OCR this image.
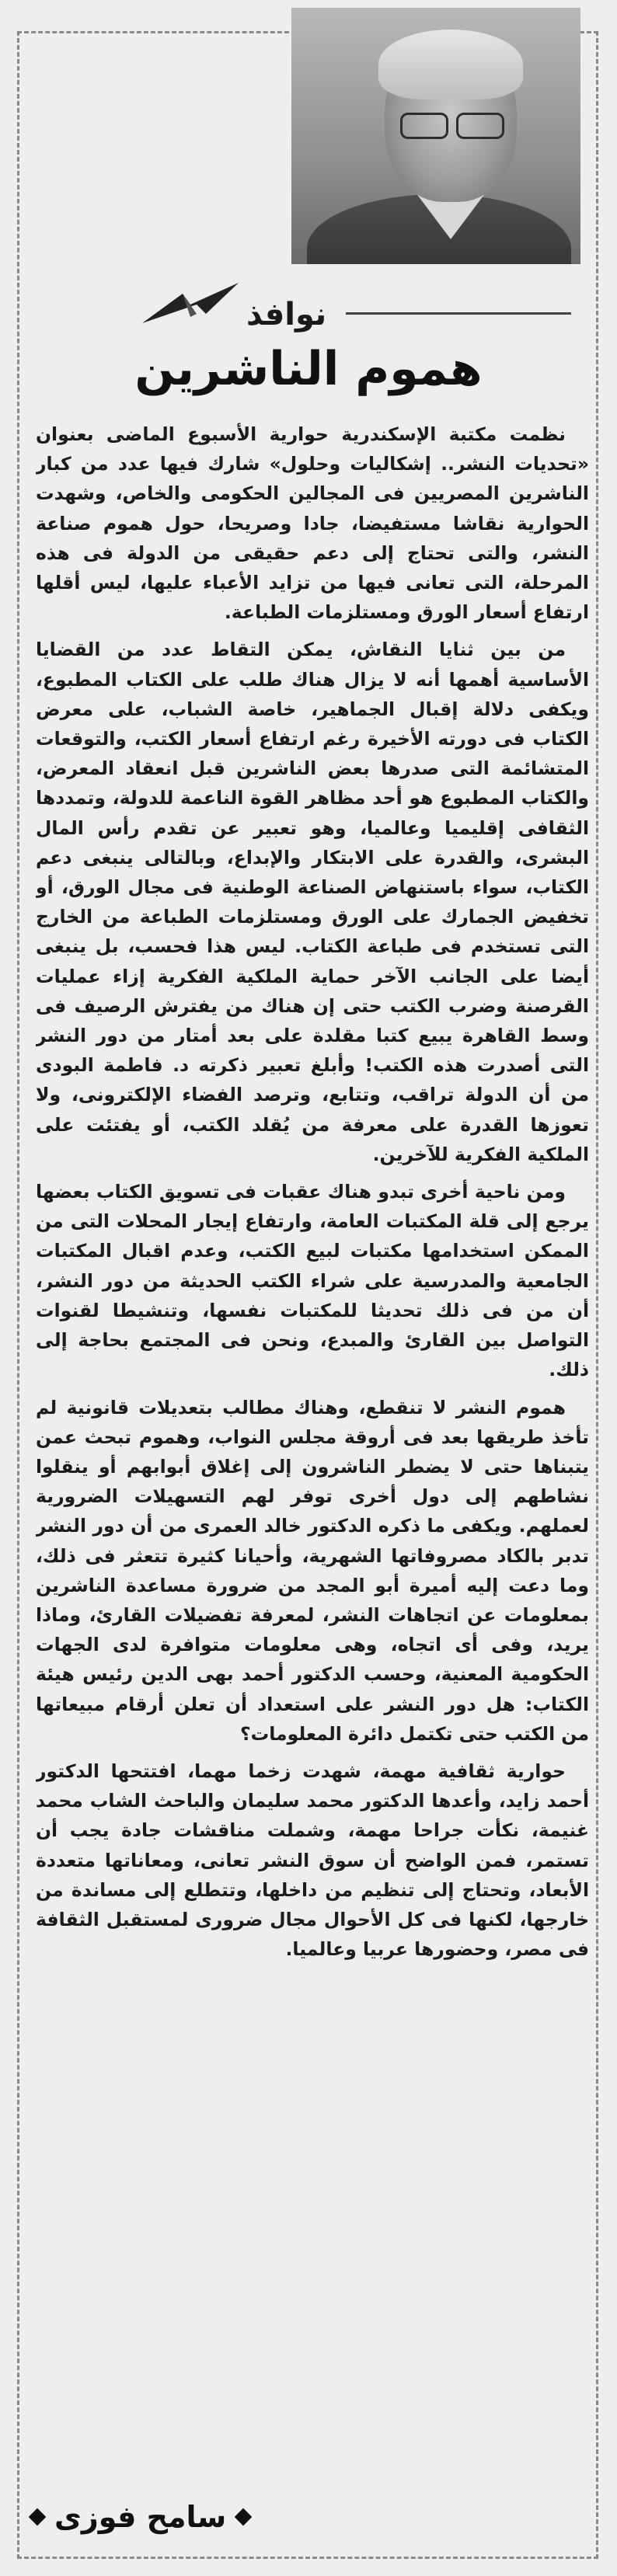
نوافذ
هموم الناشرين

نظمت مكتبة الإسكندرية حوارية الأسبوع الماضى بعنوان «تحديات النشر.. إشكاليات وحلول» شارك فيها عدد من كبار الناشرين المصريين فى المجالين الحكومى والخاص، وشهدت الحوارية نقاشا مستفيضا، جادا وصريحا، حول هموم صناعة النشر، والتى تحتاج إلى دعم حقيقى من الدولة فى هذه المرحلة، التى تعانى فيها من تزايد الأعباء عليها، ليس أقلها ارتفاع أسعار الورق ومستلزمات الطباعة.

من بين ثنايا النقاش، يمكن التقاط عدد من القضايا الأساسية أهمها أنه لا يزال هناك طلب على الكتاب المطبوع، ويكفى دلالة إقبال الجماهير، خاصة الشباب، على معرض الكتاب فى دورته الأخيرة رغم ارتفاع أسعار الكتب، والتوقعات المتشائمة التى صدرها بعض الناشرين قبل انعقاد المعرض، والكتاب المطبوع هو أحد مظاهر القوة الناعمة للدولة، وتمددها الثقافى إقليميا وعالميا، وهو تعبير عن تقدم رأس المال البشرى، والقدرة على الابتكار والإبداع، وبالتالى ينبغى دعم الكتاب، سواء باستنهاض الصناعة الوطنية فى مجال الورق، أو تخفيض الجمارك على الورق ومستلزمات الطباعة من الخارج التى تستخدم فى طباعة الكتاب. ليس هذا فحسب، بل ينبغى أيضا على الجانب الآخر حماية الملكية الفكرية إزاء عمليات القرصنة وضرب الكتب حتى إن هناك من يفترش الرصيف فى وسط القاهرة يبيع كتبا مقلدة على بعد أمتار من دور النشر التى أصدرت هذه الكتب! وأبلغ تعبير ذكرته د. فاطمة البودى من أن الدولة تراقب، وتتابع، وترصد الفضاء الإلكترونى، ولا تعوزها القدرة على معرفة من يُقلد الكتب، أو يفتئت على الملكية الفكرية للآخرين.

ومن ناحية أخرى تبدو هناك عقبات فى تسويق الكتاب بعضها يرجع إلى قلة المكتبات العامة، وارتفاع إيجار المحلات التى من الممكن استخدامها مكتبات لبيع الكتب، وعدم اقبال المكتبات الجامعية والمدرسية على شراء الكتب الحديثة من دور النشر، أن من فى ذلك تحديثا للمكتبات نفسها، وتنشيطا لقنوات التواصل بين القارئ والمبدع، ونحن فى المجتمع بحاجة إلى ذلك.

هموم النشر لا تنقطع، وهناك مطالب بتعديلات قانونية لم تأخذ طريقها بعد فى أروقة مجلس النواب، وهموم تبحث عمن يتبناها حتى لا يضطر الناشرون إلى إغلاق أبوابهم أو ينقلوا نشاطهم إلى دول أخرى توفر لهم التسهيلات الضرورية لعملهم. ويكفى ما ذكره الدكتور خالد العمرى من أن دور النشر تدبر بالكاد مصروفاتها الشهرية، وأحيانا كثيرة تتعثر فى ذلك، وما دعت إليه أميرة أبو المجد من ضرورة مساعدة الناشرين بمعلومات عن اتجاهات النشر، لمعرفة تفضيلات القارئ، وماذا يريد، وفى أى اتجاه، وهى معلومات متوافرة لدى الجهات الحكومية المعنية، وحسب الدكتور أحمد بهى الدين رئيس هيئة الكتاب: هل دور النشر على استعداد أن تعلن أرقام مبيعاتها من الكتب حتى تكتمل دائرة المعلومات؟

حوارية ثقافية مهمة، شهدت زخما مهما، افتتحها الدكتور أحمد زايد، وأعدها الدكتور محمد سليمان والباحث الشاب محمد غنيمة، نكأت جراحا مهمة، وشملت مناقشات جادة يجب أن تستمر، فمن الواضح أن سوق النشر تعانى، ومعاناتها متعددة الأبعاد، وتحتاج إلى تنظيم من داخلها، وتتطلع إلى مساندة من خارجها، لكنها فى كل الأحوال مجال ضرورى لمستقبل الثقافة فى مصر، وحضورها عربيا وعالميا.

سامح فوزى
